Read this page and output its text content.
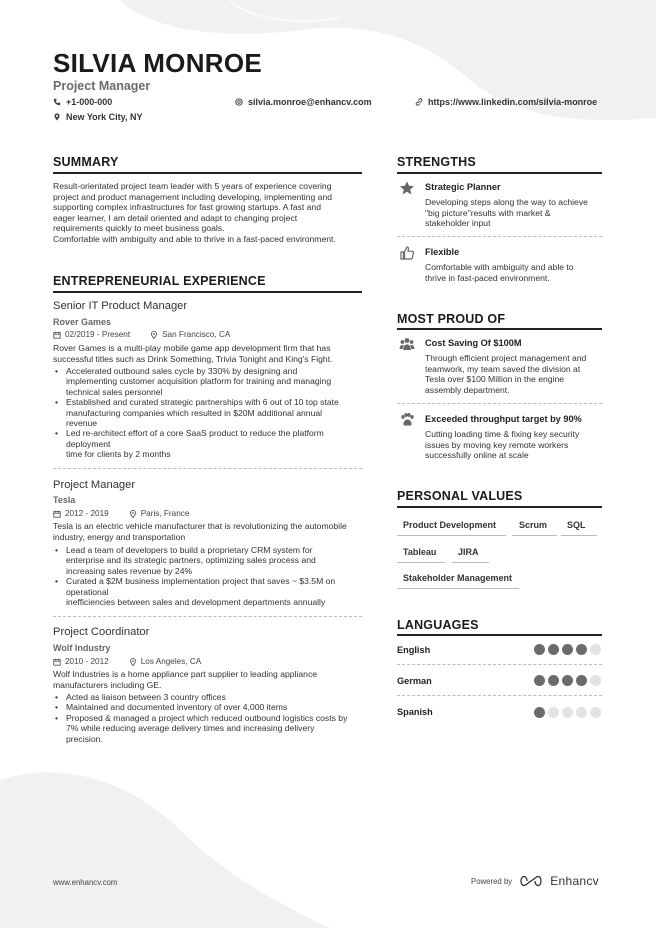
SILVIA MONROE
Project Manager
+1-000-000	silvia.monroe@enhancv.com	https://www.linkedin.com/silvia-monroe
New York City, NY
SUMMARY
Result-orientated project team leader with 5 years of experience covering
project and product management including developing, implementing and
supporting complex infrastructures for fast growing startups. A fast and
eager learner, I am detail oriented and adapt to changing project
requirements quickly to meet business goals.
Comfortable with ambiguity and able to thrive in a fast-paced environment.
ENTREPRENEURIAL EXPERIENCE
Senior IT Product Manager
Rover Games
02/2019 - Present	San Francisco, CA
Rover Games is a multi-play mobile game app development firm that has
successful titles such as Drink Something, Trivia Tonight and King's Fight.
• Accelerated outbound sales cycle by 330% by designing and
implementing customer acquisition platform for training and managing
technical sales personnel
• Established and curated strategic partnerships with 6 out of 10 top state
manufacturing companies which resulted in $20M additional annual
revenue
• Led re-architect effort of a core SaaS product to reduce the platform
deployment
time for clients by 2 months
Project Manager
Tesla
2012 - 2019	Paris, France
Tesla is an electric vehicle manufacturer that is revolutionizing the automobile
industry, energy and transportation
• Lead a team of developers to build a proprietary CRM system for
enterprise and its strategic partners, optimizing sales process and
increasing sales revenue by 24%
• Curated a $2M business implementation project that saves ~ $3.5M on
operational
inefficiencies between sales and development departments annually
Project Coordinator
Wolf Industry
2010 - 2012	Los Angeles, CA
Wolf Industries is a home appliance part supplier to leading appliance
manufacturers including GE.
• Acted as liaison between 3 country offices
• Maintained and documented inventory of over 4,000 items
• Proposed & managed a project which reduced outbound logistics costs by
7% while reducing average delivery times and increasing delivery
precision.
STRENGTHS
Strategic Planner
Developing steps along the way to achieve
"big picture"results with market &
stakeholder input
Flexible
Comfortable with ambiguity and able to
thrive in fast-paced environment.
MOST PROUD OF
Cost Saving Of $100M
Through efficient project management and
teamwork, my team saved the division at
Tesla over $100 Million in the engine
assembly department.
Exceeded throughput target by 90%
Cutting loading time & fixing key security
issues by moving key remote workers
successfully online at scale
PERSONAL VALUES
Product Development	Scrum	SQL
Tableau	JIRA
Stakeholder Management
LANGUAGES
English
German
Spanish
www.enhancv.com	Powered by	Enhancv
